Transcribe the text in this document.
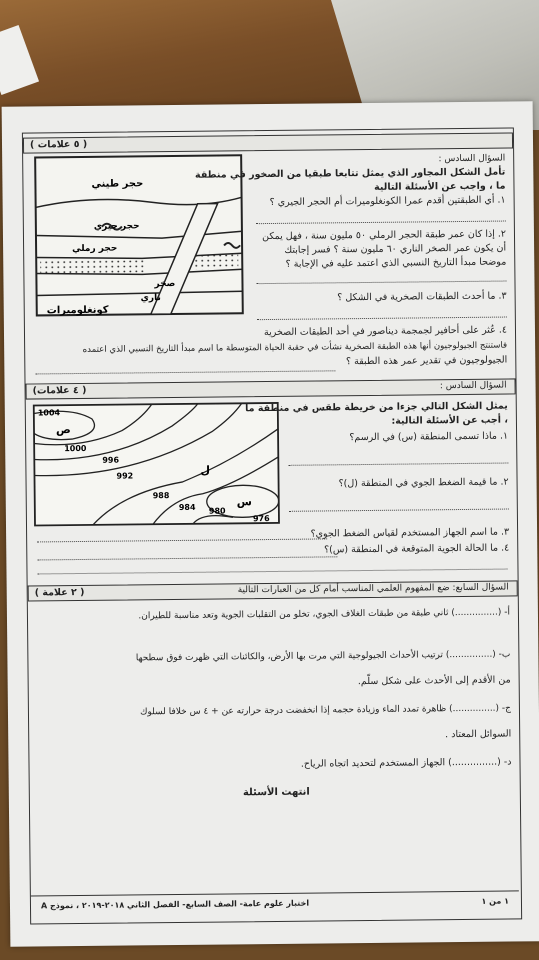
( ٥ علامات )
السؤال السادس :
حجر طيني
حجر جيري
حجر رملي
صخر
ناري
كونغلوميرات
تأمل الشكل المجاور الذي يمثل تتابعا طبقيا من الصخور في منطقة
ما ، واجب عن الأسئلة التالية
١. أي الطبقتين أقدم عمرا الكونغلوميرات أم الحجر الجيري ؟
٢. إذا كان عمر طبقة الحجر الرملي ٥٠ مليون سنة ، فهل يمكن
أن يكون عمر الصخر الناري ٦٠ مليون سنة ؟ فسر إجابتك
موضحا مبدأ التاريخ النسبي الذي اعتمد عليه في الإجابة ؟
٣. ما أحدث الطبقات الصخرية في الشكل ؟
٤. عُثر على أحافير لجمجمة ديناصور في أحد الطبقات الصخرية
فاستنتج الجيولوجيون أنها هذه الطبقة الصخرية نشأت في حقبة الحياة المتوسطة ما اسم مبدأ التاريخ النسبي الذي اعتمده
الجيولوجيون في تقدير عمر هذه الطبقة ؟
(٤ علامات )	السؤال السادس :
1004
ص
1000
996
992
988
984 980
976
ل
س
يمثل الشكل التالي جزءا من خريطة طقس في منطقة ما
، أجب عن الأسئلة التالية:
١. ماذا تسمى المنطقة (س) في الرسم؟
٢. ما قيمة الضغط الجوي في المنطقة (ل)؟
٣. ما اسم الجهاز المستخدم لقياس الضغط الجوي؟
٤. ما الحالة الجوية المتوقعة في المنطقة (س)؟
( ٢ علامة )	السؤال السابع: ضع المفهوم العلمي المناسب أمام كل من العبارات التالية
أ- (...............) ثاني طبقة من طبقات الغلاف الجوي، تخلو من التقلبات الجوية وتعد مناسبة للطيران.
ب- (...............) ترتيب الأحداث الجيولوجية التي مرت بها الأرض، والكائنات التي ظهرت فوق سطحها
من الأقدم إلى الأحدث على شكل سلّم.
ج- (...............) ظاهرة تمدد الماء وزيادة حجمه إذا انخفضت درجة حرارته عن + ٤ س خلافا لسلوك
السوائل المعتاد .
د- (...............) الجهاز المستخدم لتحديد اتجاه الرياح.
انتهت الأسئلة
اختبار علوم عامة- الصف السابع- الفصل الثاني ٢٠١٨-٢٠١٩ ، نموذج A	١ من ١
